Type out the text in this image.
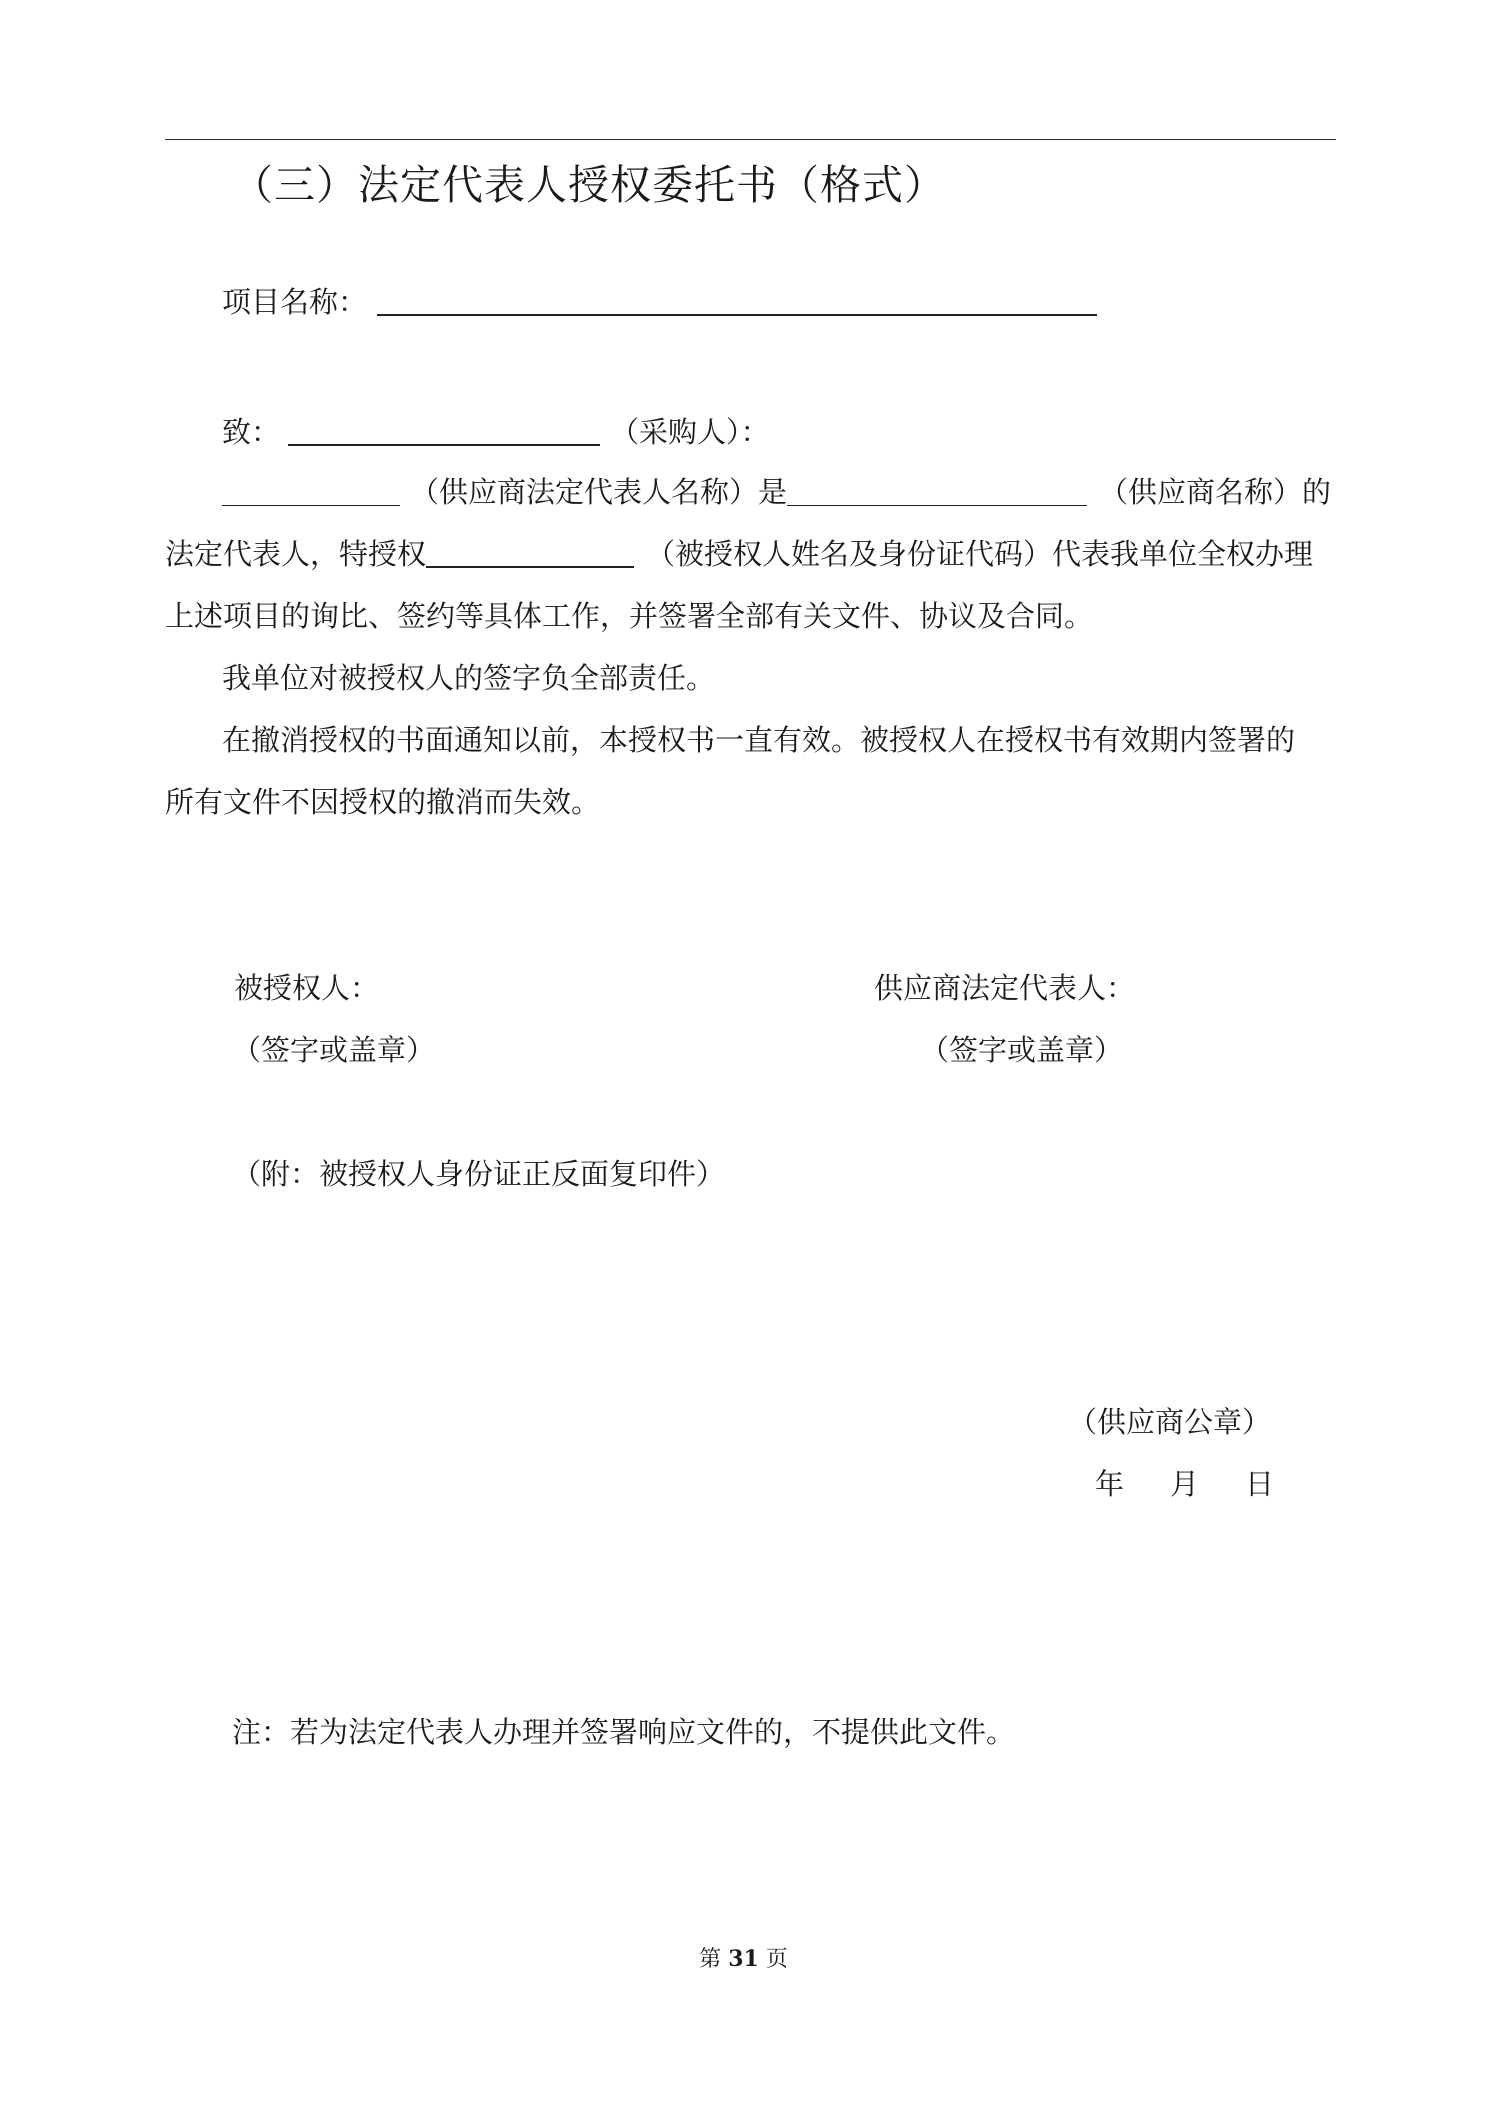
（三）法定代表人授权委托书（格式）
项目名称：
致：	（采购人）：
（供应商法定代表人名称）是	（供应商名称）的
法定代表人，特授权	（被授权人姓名及身份证代码）代表我单位全权办理
上述项目的询比、签约等具体工作，并签署全部有关文件、协议及合同。
我单位对被授权人的签字负全部责任。
在撤消授权的书面通知以前，本授权书一直有效。被授权人在授权书有效期内签署的
所有文件不因授权的撤消而失效。
被授权人：
（签字或盖章）
供应商法定代表人：
（签字或盖章）
（附：被授权人身份证正反面复印件）
（供应商公章）
年 月 日
注：若为法定代表人办理并签署响应文件的，不提供此文件。
第 31 页
